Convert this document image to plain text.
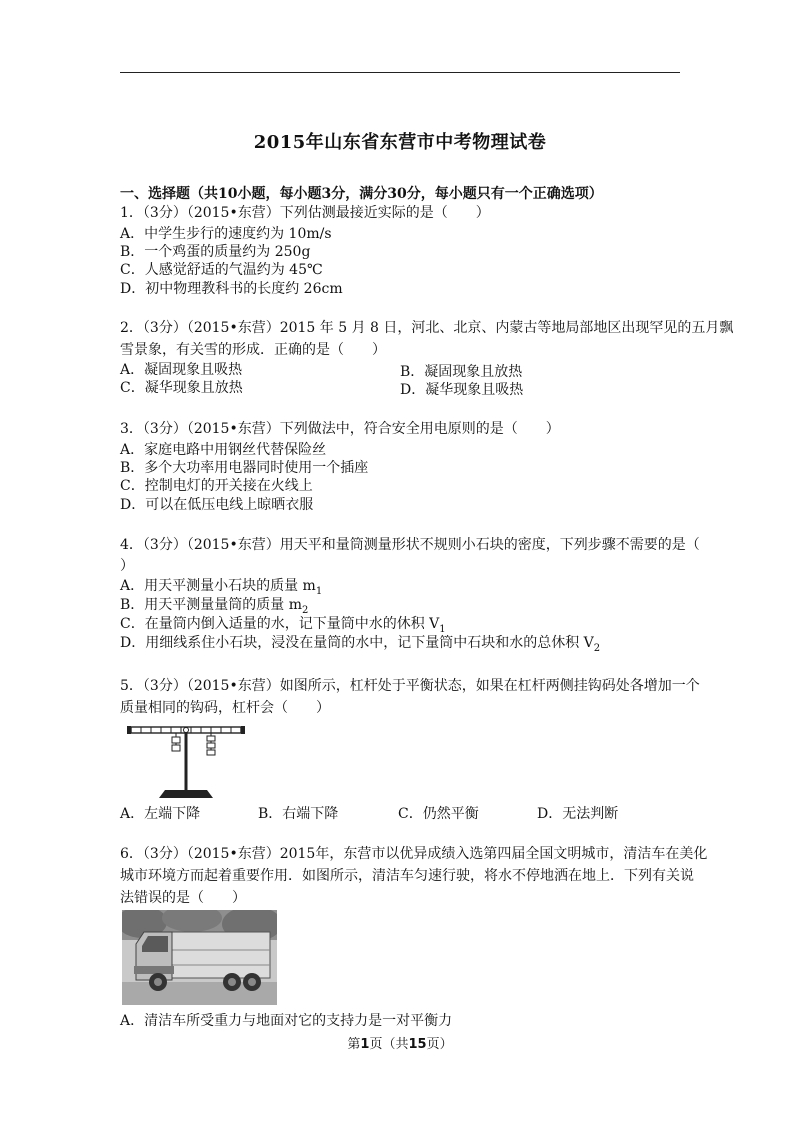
2015年山东省东营市中考物理试卷
一、选择题（共10小题，每小题3分，满分30分，每小题只有一个正确选项）
1．（3分）（2015•东营）下列估测最接近实际的是（　　）
A．中学生步行的速度约为 10m/s
B．一个鸡蛋的质量约为 250g
C．人感觉舒适的气温约为 45℃
D．初中物理教科书的长度约 26cm
2．（3分）（2015•东营）2015 年 5 月 8 日，河北、北京、内蒙古等地局部地区出现罕见的五月飘
雪景象，有关雪的形成．正确的是（　　）
A．凝固现象且吸热	B．凝固现象且放热
C．凝华现象且放热	D．凝华现象且吸热
3．（3分）（2015•东营）下列做法中，符合安全用电原则的是（　　）
A．家庭电路中用钢丝代替保险丝
B．多个大功率用电器同时使用一个插座
C．控制电灯的开关接在火线上
D．可以在低压电线上晾晒衣服
4．（3分）（2015•东营）用天平和量筒测量形状不规则小石块的密度，下列步骤不需要的是（
）
A．用天平测量小石块的质量 $m_1$
B．用天平测量量筒的质量 $m_2$
C．在量筒内倒入适量的水，记下量筒中水的休积 $V_1$
D．用细线系住小石块，浸没在量筒的水中，记下量筒中石块和水的总休积 $V_2$
5．（3分）（2015•东营）如图所示，杠杆处于平衡状态，如果在杠杆两侧挂钩码处各增加一个
质量相同的钩码，杠杆会（　　）
A．左端下降	B．右端下降	C．仍然平衡	D．无法判断
6．（3分）（2015•东营）2015年，东营市以优异成绩入选第四届全国文明城市，清洁车在美化
城市环境方而起着重要作用．如图所示，清洁车匀速行驶，将水不停地洒在地上．下列有关说
法错误的是（　　）
A．清洁车所受重力与地面对它的支持力是一对平衡力
第1页（共15页）
